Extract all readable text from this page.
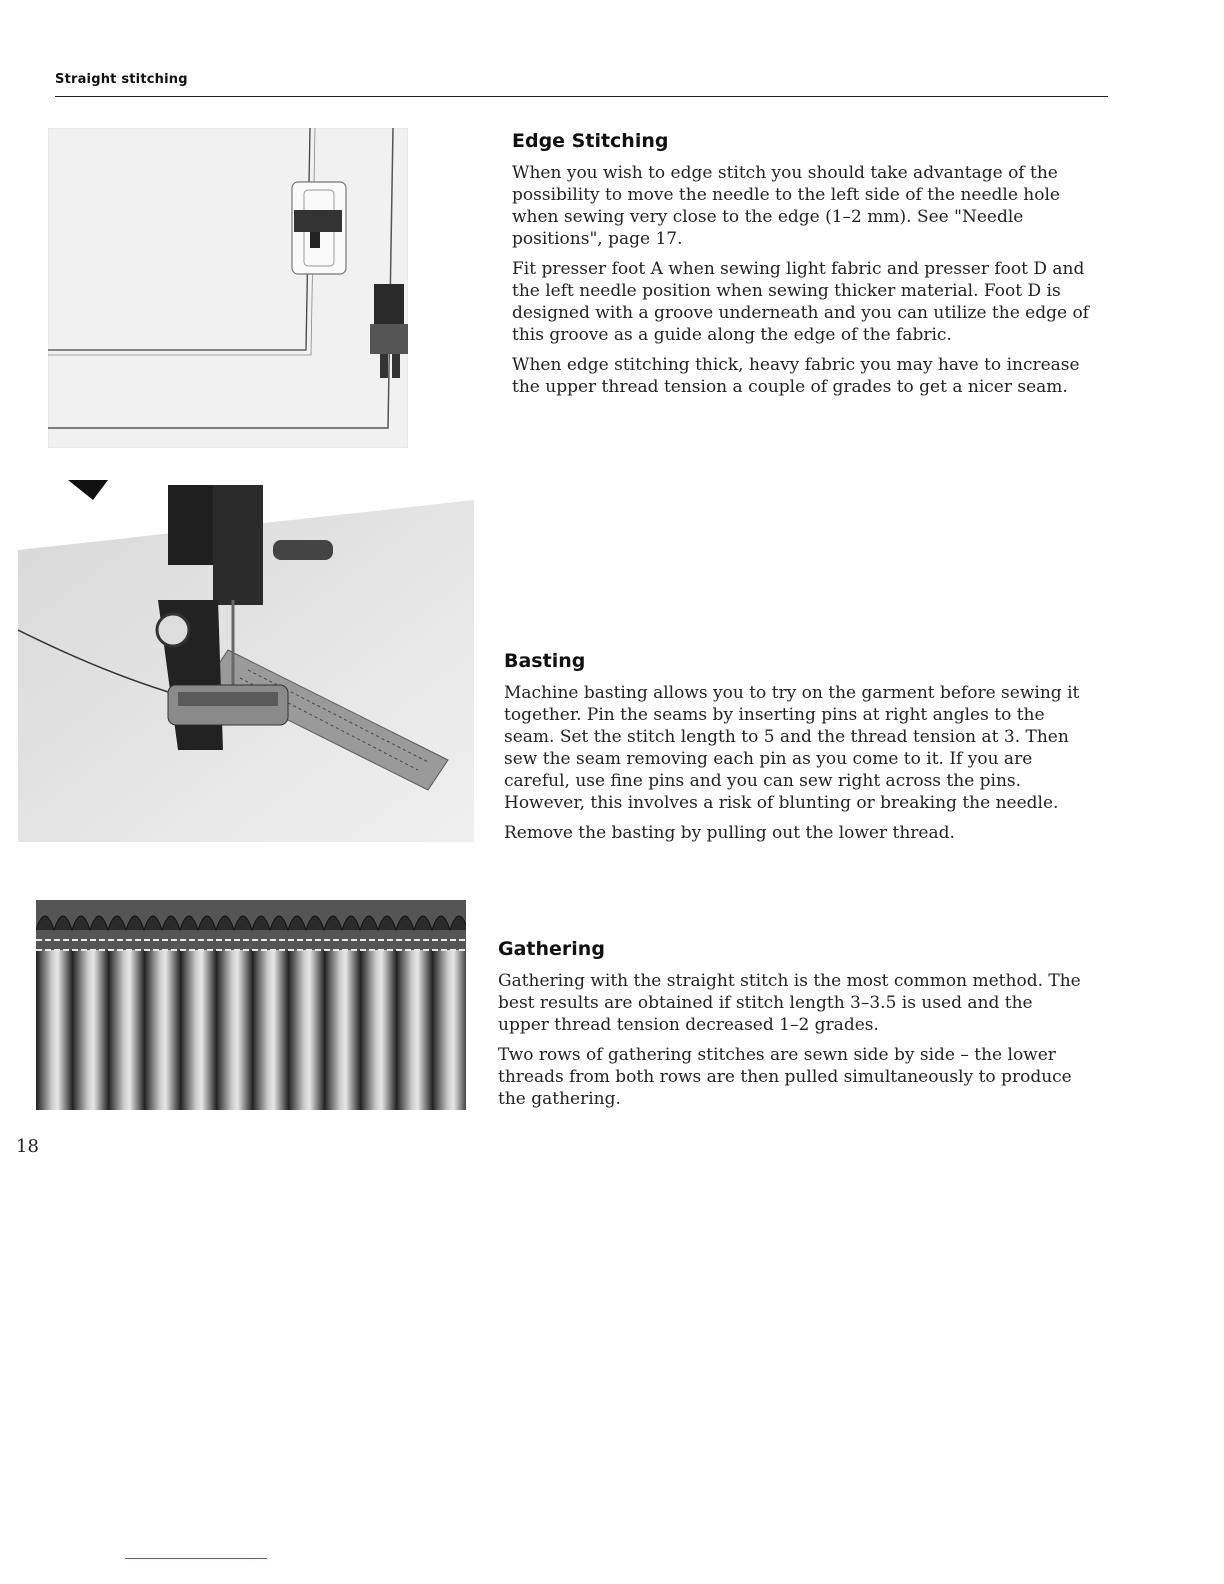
Straight stitching
Edge Stitching

When you wish to edge stitch you should take advantage of the possibility to move the needle to the left side of the needle hole when sewing very close to the edge (1–2 mm). See "Needle positions", page 17.

Fit presser foot A when sewing light fabric and presser foot D and the left needle position when sewing thicker material. Foot D is designed with a groove underneath and you can utilize the edge of this groove as a guide along the edge of the fabric.

When edge stitching thick, heavy fabric you may have to increase the upper thread tension a couple of grades to get a nicer seam.

Basting

Machine basting allows you to try on the garment before sewing it together. Pin the seams by inserting pins at right angles to the seam. Set the stitch length to 5 and the thread tension at 3. Then sew the seam removing each pin as you come to it. If you are careful, use fine pins and you can sew right across the pins. However, this involves a risk of blunting or breaking the needle.

Remove the basting by pulling out the lower thread.

Gathering

Gathering with the straight stitch is the most common method. The best results are obtained if stitch length 3–3.5 is used and the upper thread tension decreased 1–2 grades.

Two rows of gathering stitches are sewn side by side – the lower threads from both rows are then pulled simultaneously to produce the gathering.

18
